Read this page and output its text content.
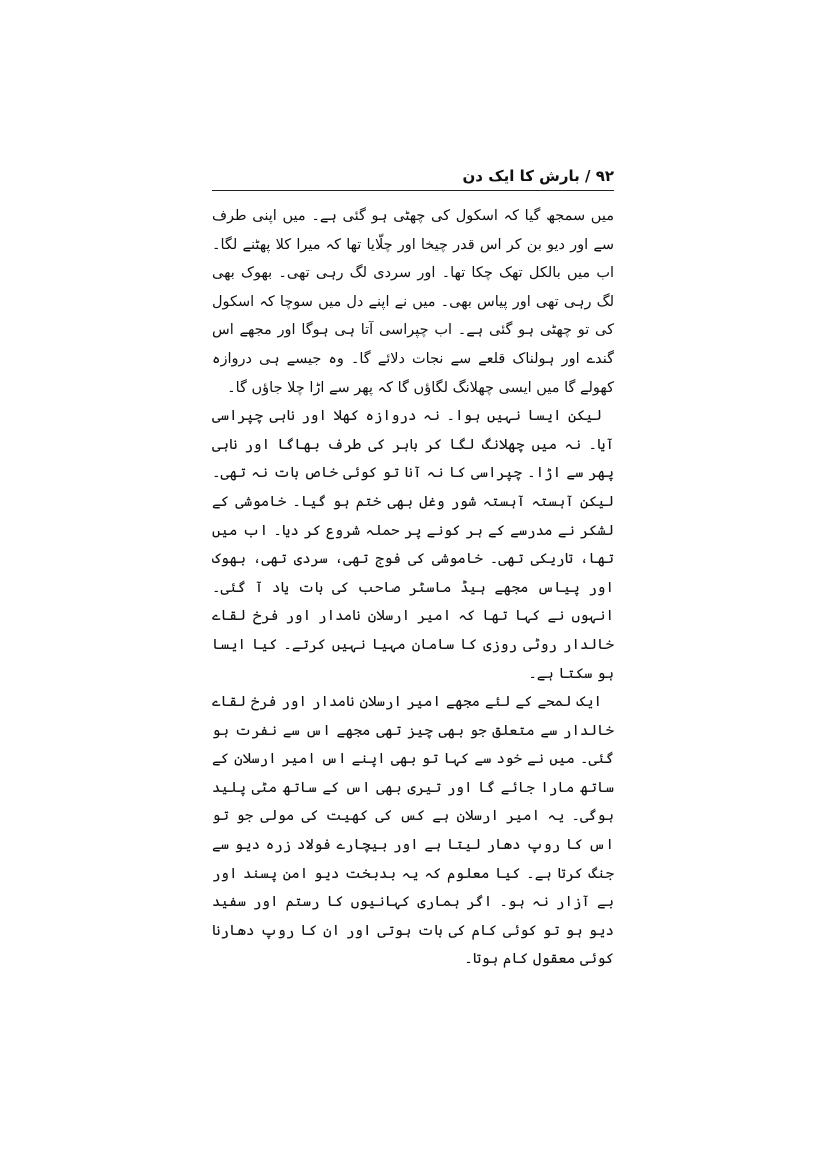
۹۲ / بارش کا ایک دن

میں سمجھ گیا کہ اسکول کی چھٹی ہو گئی ہے۔ میں اپنی طرف سے اور دیو بن کر اس قدر چیخا اور چلّایا تھا کہ میرا کلا پھٹنے لگا۔ اب میں بالکل تھک چکا تھا۔ اور سردی لگ رہی تھی۔ بھوک بھی لگ رہی تھی اور پیاس بھی۔ میں نے اپنے دل میں سوچا کہ اسکول کی تو چھٹی ہو گئی ہے۔ اب چپراسی آتا ہی ہوگا اور مجھے اس گندے اور ہولناک قلعے سے نجات دلائے گا۔ وہ جیسے ہی دروازہ کھولے گا میں ایسی چھلانگ لگاؤں گا کہ پھر سے اڑا چلا جاؤں گا۔

لیکن ایسا نہیں ہوا۔ نہ دروازہ کھلا اور ناہی چپراسی آیا۔ نہ میں چھلانگ لگا کر باہر کی طرف بھاگا اور ناہی پھر سے اڑا۔ چپراسی کا نہ آنا تو کوئی خاص بات نہ تھی۔ لیکن آہستہ آہستہ شور وغل بھی ختم ہو گیا۔ خاموشی کے لشکر نے مدرسے کے ہر کونے پر حملہ شروع کر دیا۔ اب میں تھا، تاریکی تھی۔ خاموشی کی فوج تھی، سردی تھی، بھوک اور پیاس مجھے ہیڈ ماسٹر صاحب کی بات یاد آ گئی۔ انہوں نے کہا تھا کہ امیر ارسلان نامدار اور فرخ لقاے خالدار روٹی روزی کا سامان مہیا نہیں کرتے۔ کیا ایسا ہو سکتا ہے۔

ایک لمحے کے لئے مجھے امیر ارسلان نامدار اور فرخ لقاے خالدار سے متعلق جو بھی چیز تھی مجھے اس سے نفرت ہو گئی۔ میں نے خود سے کہا تو بھی اپنے اس امیر ارسلان کے ساتھ مارا جائے گا اور تیری بھی اس کے ساتھ مٹی پلید ہوگی۔ یہ امیر ارسلان ہے کس کی کھیت کی مولی جو تو اس کا روپ دھار لیتا ہے اور بیچارے فولاد زرہ دیو سے جنگ کرتا ہے۔ کیا معلوم کہ یہ بدبخت دیو امن پسند اور بے آزار نہ ہو۔ اگر ہماری کہانیوں کا رستم اور سفید دیو ہو تو کوئی کام کی بات ہوتی اور ان کا روپ دھارنا کوئی معقول کام ہوتا۔
